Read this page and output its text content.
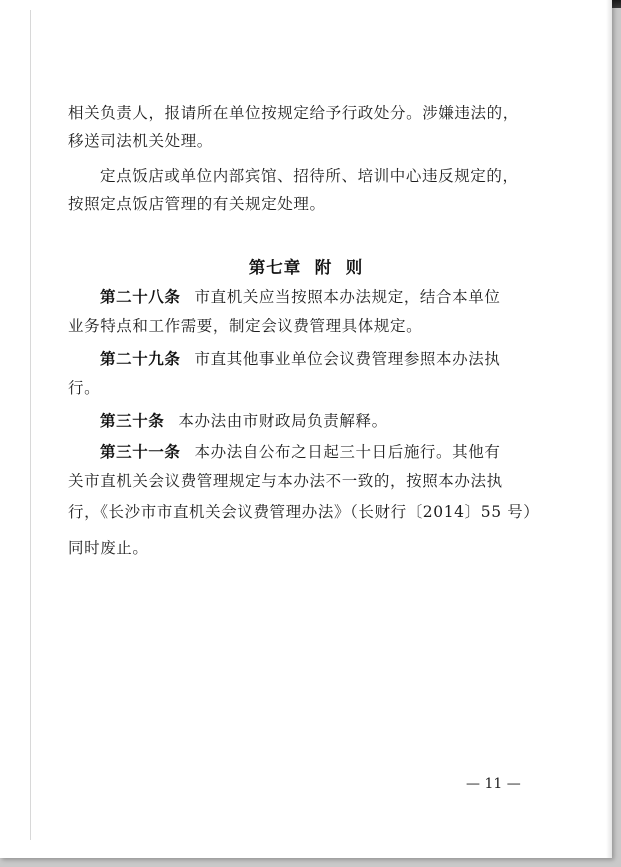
相关负责人，报请所在单位按规定给予行政处分。涉嫌违法的，
移送司法机关处理。
定点饭店或单位内部宾馆、招待所、培训中心违反规定的，
按照定点饭店管理的有关规定处理。
第七章  附  则
第二十八条 市直机关应当按照本办法规定，结合本单位
业务特点和工作需要，制定会议费管理具体规定。
第二十九条 市直其他事业单位会议费管理参照本办法执
行。
第三十条 本办法由市财政局负责解释。
第三十一条 本办法自公布之日起三十日后施行。其他有
关市直机关会议费管理规定与本办法不一致的，按照本办法执
行，《长沙市市直机关会议费管理办法》（长财行〔2014〕55 号）
同时废止。
— 11 —
